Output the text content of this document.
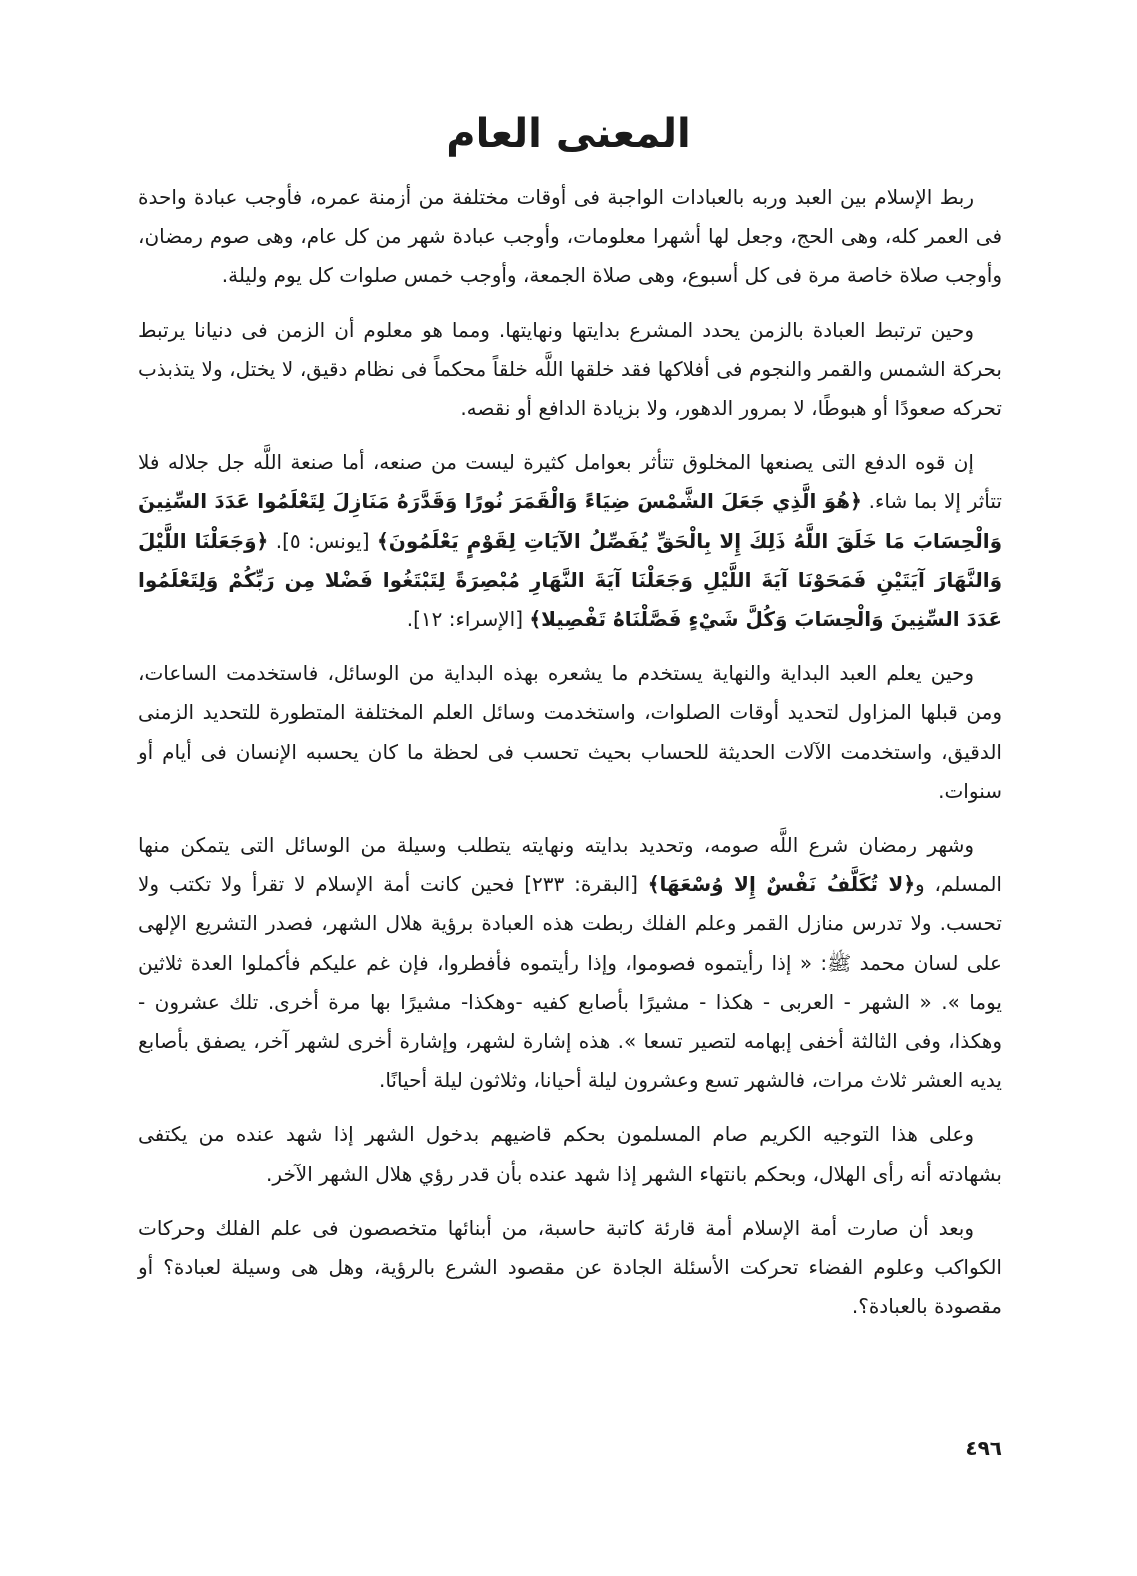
المعنى العام

ربط الإسلام بين العبد وربه بالعبادات الواجبة فى أوقات مختلفة من أزمنة عمره، فأوجب عبادة واحدة فى العمر كله، وهى الحج، وجعل لها أشهرا معلومات، وأوجب عبادة شهر من كل عام، وهى صوم رمضان، وأوجب صلاة خاصة مرة فى كل أسبوع، وهى صلاة الجمعة، وأوجب خمس صلوات كل يوم وليلة.

وحين ترتبط العبادة بالزمن يحدد المشرع بدايتها ونهايتها. ومما هو معلوم أن الزمن فى دنيانا يرتبط بحركة الشمس والقمر والنجوم فى أفلاكها فقد خلقها اللَّه خلقاً محكماً فى نظام دقيق، لا يختل، ولا يتذبذب تحركه صعودًا أو هبوطًا، لا بمرور الدهور، ولا بزيادة الدافع أو نقصه.

إن قوه الدفع التى يصنعها المخلوق تتأثر بعوامل كثيرة ليست من صنعه، أما صنعة اللَّه جل جلاله فلا تتأثر إلا بما شاء. ﴿هُوَ الَّذِي جَعَلَ الشَّمْسَ ضِيَاءً وَالْقَمَرَ نُورًا وَقَدَّرَهُ مَنَازِلَ لِتَعْلَمُوا عَدَدَ السِّنِينَ وَالْحِسَابَ مَا خَلَقَ اللَّهُ ذَلِكَ إِلا بِالْحَقِّ يُفَصِّلُ الآيَاتِ لِقَوْمٍ يَعْلَمُونَ﴾ [يونس: ٥]. ﴿وَجَعَلْنَا اللَّيْلَ وَالنَّهَارَ آيَتَيْنِ فَمَحَوْنَا آيَةَ اللَّيْلِ وَجَعَلْنَا آيَةَ النَّهَارِ مُبْصِرَةً لِتَبْتَغُوا فَضْلا مِن رَبِّكُمْ وَلِتَعْلَمُوا عَدَدَ السِّنِينَ وَالْحِسَابَ وَكُلَّ شَيْءٍ فَصَّلْنَاهُ تَفْصِيلا﴾ [الإسراء: ١٢].

وحين يعلم العبد البداية والنهاية يستخدم ما يشعره بهذه البداية من الوسائل، فاستخدمت الساعات، ومن قبلها المزاول لتحديد أوقات الصلوات، واستخدمت وسائل العلم المختلفة المتطورة للتحديد الزمنى الدقيق، واستخدمت الآلات الحديثة للحساب بحيث تحسب فى لحظة ما كان يحسبه الإنسان فى أيام أو سنوات.

وشهر رمضان شرع اللَّه صومه، وتحديد بدايته ونهايته يتطلب وسيلة من الوسائل التى يتمكن منها المسلم، و﴿لا تُكَلَّفُ نَفْسٌ إِلا وُسْعَهَا﴾ [البقرة: ٢٣٣] فحين كانت أمة الإسلام لا تقرأ ولا تكتب ولا تحسب. ولا تدرس منازل القمر وعلم الفلك ربطت هذه العبادة برؤية هلال الشهر، فصدر التشريع الإلهى على لسان محمد ﷺ: « إذا رأيتموه فصوموا، وإذا رأيتموه فأفطروا، فإن غم عليكم فأكملوا العدة ثلاثين يوما ». « الشهر - العربى - هكذا - مشيرًا بأصابع كفيه -وهكذا- مشيرًا بها مرة أخرى. تلك عشرون - وهكذا، وفى الثالثة أخفى إبهامه لتصير تسعا ». هذه إشارة لشهر، وإشارة أخرى لشهر آخر، يصفق بأصابع يديه العشر ثلاث مرات، فالشهر تسع وعشرون ليلة أحيانا، وثلاثون ليلة أحيانًا.

وعلى هذا التوجيه الكريم صام المسلمون بحكم قاضيهم بدخول الشهر إذا شهد عنده من يكتفى بشهادته أنه رأى الهلال، وبحكم بانتهاء الشهر إذا شهد عنده بأن قدر رؤي هلال الشهر الآخر.

وبعد أن صارت أمة الإسلام أمة قارئة كاتبة حاسبة، من أبنائها متخصصون فى علم الفلك وحركات الكواكب وعلوم الفضاء تحركت الأسئلة الجادة عن مقصود الشرع بالرؤية، وهل هى وسيلة لعبادة؟ أو مقصودة بالعبادة؟.

٤٩٦
